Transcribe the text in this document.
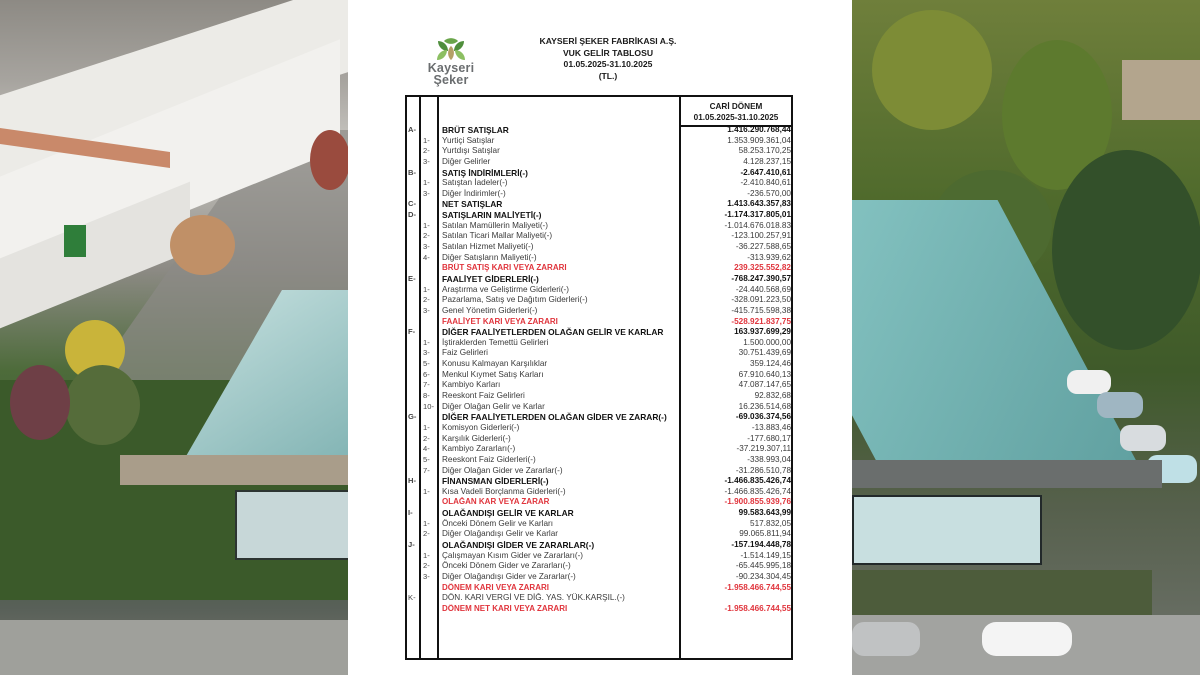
Kayseri
Şeker
KAYSERİ ŞEKER FABRİKASI A.Ş.
VUK GELİR TABLOSU
01.05.2025-31.10.2025
(TL.)
CARİ DÖNEM
01.05.2025-31.10.2025
A-	BRÜT SATIŞLAR	1.416.290.768,44
1-	Yurtiçi Satışlar	1.353.909.361,04
2-	Yurtdışı Satışlar	58.253.170,25
3-	Diğer Gelirler	4.128.237,15
B-	SATIŞ İNDİRİMLERİ(-)	-2.647.410,61
1-	Satıştan İadeler(-)	-2.410.840,61
3-	Diğer İndirimler(-)	-236.570,00
C-	NET SATIŞLAR	1.413.643.357,83
D-	SATIŞLARIN MALİYETİ(-)	-1.174.317.805,01
1-	Satılan Mamüllerin Maliyeti(-)	-1.014.676.018.83
2-	Satılan Ticari Mallar Maliyeti(-)	-123.100.257,91
3-	Satılan Hizmet Maliyeti(-)	-36.227.588,65
4-	Diğer Satışların Maliyeti(-)	-313.939,62
BRÜT SATIŞ KARI VEYA ZARARI	239.325.552,82
E-	FAALİYET GİDERLERİ(-)	-768.247.390,57
1-	Araştırma ve Geliştirme Giderleri(-)	-24.440.568,69
2-	Pazarlama, Satış ve Dağıtım Giderleri(-)	-328.091.223,50
3-	Genel Yönetim Giderleri(-)	-415.715.598,38
FAALİYET KARI VEYA ZARARI	-528.921.837,75
F-	DİĞER FAALİYETLERDEN OLAĞAN GELİR VE KARLAR	163.937.699,29
1-	İştiraklerden Temettü Gelirleri	1.500.000,00
3-	Faiz Gelirleri	30.751.439,69
5-	Konusu Kalmayan Karşılıklar	359.124,46
6-	Menkul Kıymet Satış Karları	67.910.640,13
7-	Kambiyo Karları	47.087.147,65
8-	Reeskont Faiz Gelirleri	92.832,68
10- Diğer Olağan Gelir ve Karlar	16.236.514,68
G-	DİĞER FAALİYETLERDEN OLAĞAN GİDER VE ZARAR(-)	-69.036.374,56
1-	Komisyon Giderleri(-)	-13.883,46
2-	Karşılık Giderleri(-)	-177.680,17
4-	Kambiyo Zararları(-)	-37.219.307,11
5-	Reeskont Faiz Giderleri(-)	-338.993,04
7-	Diğer Olağan Gider ve Zararlar(-)	-31.286.510,78
H-	FİNANSMAN GİDERLERİ(-)	-1.466.835.426,74
1-	Kısa Vadeli Borçlanma Giderleri(-)	-1.466.835.426,74
OLAĞAN KAR VEYA ZARAR	-1.900.855.939,76
I-	OLAĞANDIŞI GELİR VE KARLAR	99.583.643,99
1-	Önceki Dönem Gelir ve Karları	517.832,05
2-	Diğer Olağandışı Gelir ve Karlar	99.065.811,94
J-	OLAĞANDIŞI GİDER VE ZARARLAR(-)	-157.194.448,78
1-	Çalışmayan Kısım Gider ve Zararları(-)	-1.514.149,15
2-	Önceki Dönem Gider ve Zararları(-)	-65.445.995,18
3-	Diğer Olağandışı Gider ve Zararlar(-)	-90.234.304,45
DÖNEM KARI VEYA ZARARI	-1.958.466.744,55
K-	DÖN. KARI VERGİ VE DİĞ. YAS. YÜK.KARŞIL.(-)
DÖNEM NET KARI VEYA ZARARI	-1.958.466.744,55
